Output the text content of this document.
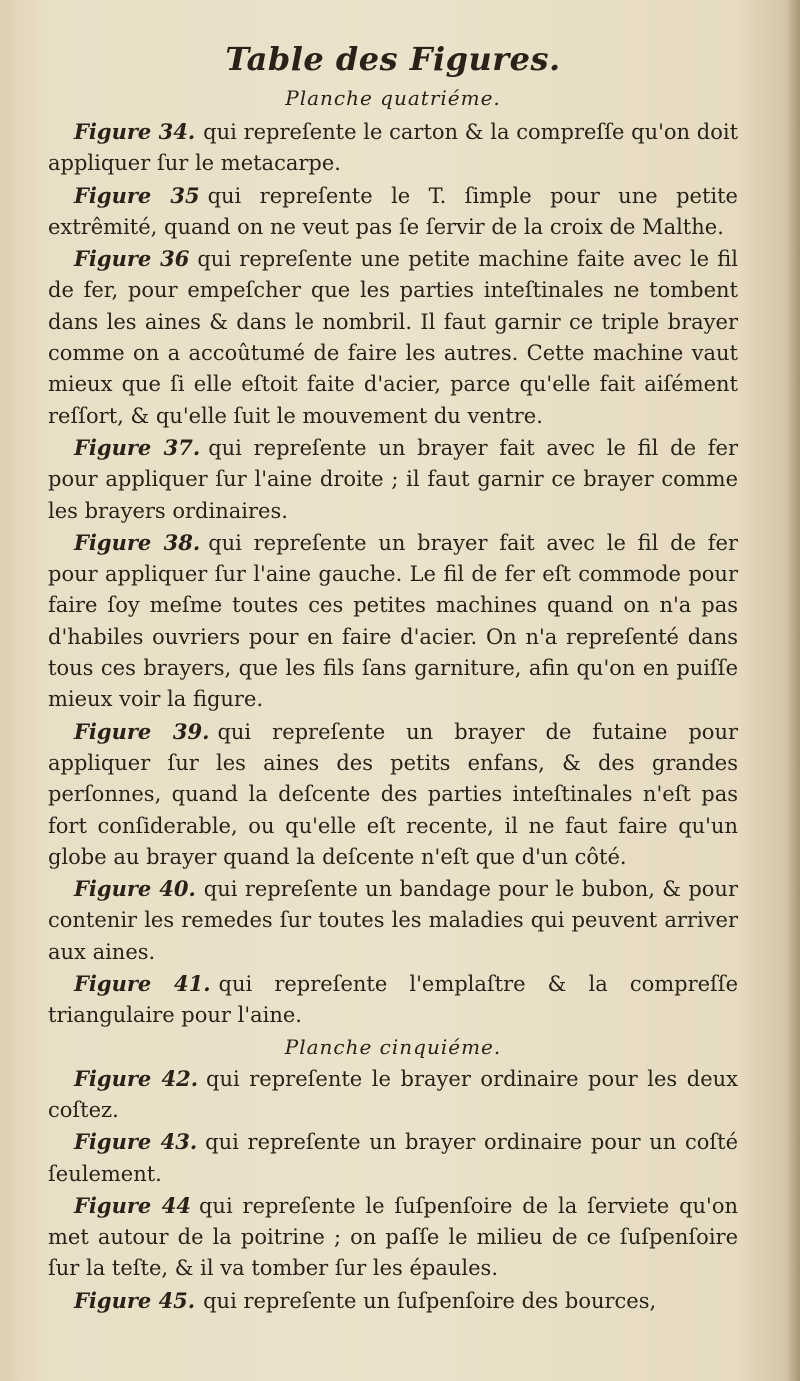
Table des Figures.
Planche quatriéme.

Figure 34. qui repreſente le carton & la compreſſe qu'on doit appliquer ſur le metacarpe.

Figure 35 qui repreſente le T. ſimple pour une petite extrêmité, quand on ne veut pas ſe ſervir de la croix de Malthe.

Figure 36 qui repreſente une petite machine faite avec le fil de fer, pour empeſcher que les parties inteſtinales ne tombent dans les aines & dans le nombril. Il faut garnir ce triple brayer comme on a accoûtumé de faire les autres. Cette machine vaut mieux que ſi elle eſtoit faite d'acier, parce qu'elle fait aiſément reſſort, & qu'elle ſuit le mouvement du ventre.

Figure 37. qui repreſente un brayer fait avec le fil de fer pour appliquer ſur l'aine droite ; il faut garnir ce brayer comme les brayers ordinaires.

Figure 38. qui repreſente un brayer fait avec le fil de fer pour appliquer ſur l'aine gauche. Le fil de fer eſt commode pour faire ſoy meſme toutes ces petites machines quand on n'a pas d'habiles ouvriers pour en faire d'acier. On n'a repreſenté dans tous ces brayers, que les fils ſans garniture, afin qu'on en puiſſe mieux voir la figure.

Figure 39. qui repreſente un brayer de futaine pour appliquer ſur les aines des petits enfans, & des grandes perſonnes, quand la deſcente des parties inteſtinales n'eſt pas fort conſiderable, ou qu'elle eſt recente, il ne faut faire qu'un globe au brayer quand la deſcente n'eſt que d'un côté.

Figure 40. qui repreſente un bandage pour le bubon, & pour contenir les remedes ſur toutes les maladies qui peuvent arriver aux aines.

Figure 41. qui repreſente l'emplaſtre & la compreſſe triangulaire pour l'aine.

Planche cinquiéme.

Figure 42. qui repreſente le brayer ordinaire pour les deux coſtez.

Figure 43. qui repreſente un brayer ordinaire pour un coſté ſeulement.

Figure 44 qui repreſente le ſuſpenſoire de la ſerviete qu'on met autour de la poitrine ; on paſſe le milieu de ce ſuſpenſoire ſur la teſte, & il va tomber ſur les épaules.

Figure 45. qui repreſente un ſuſpenſoire des bources,
